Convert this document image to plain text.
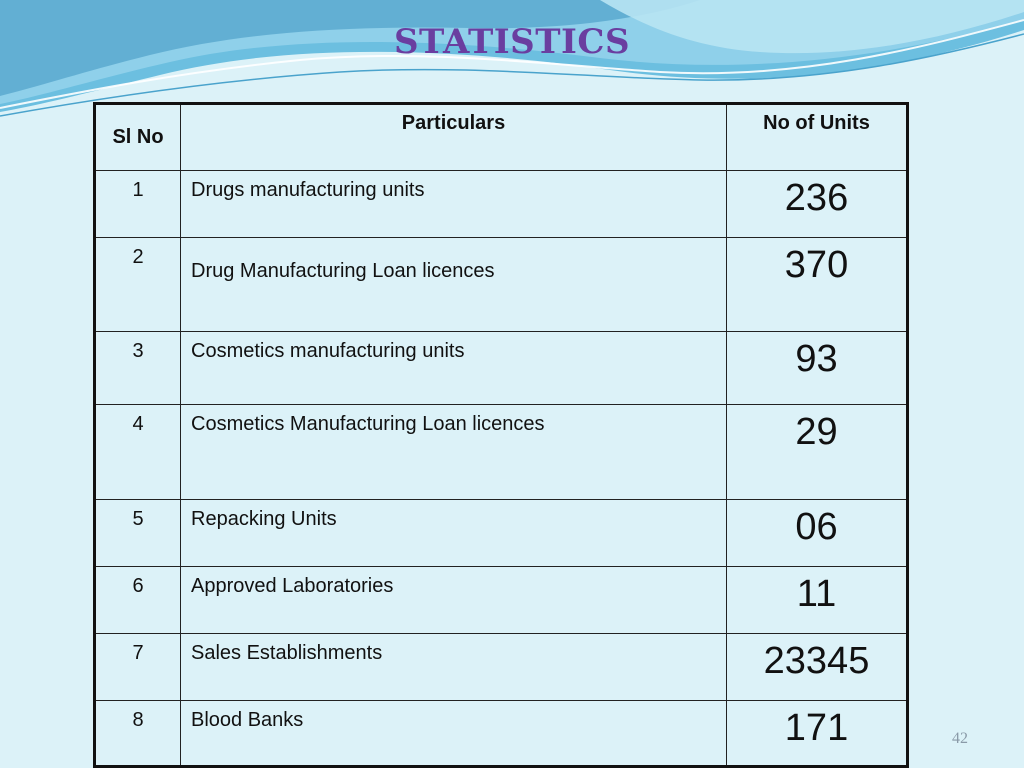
STATISTICS
Sl No	Particulars	No of Units
1	Drugs manufacturing units	236
2	Drug Manufacturing Loan licences	370
3	Cosmetics manufacturing units	93
4	Cosmetics Manufacturing Loan licences	29
5	Repacking Units	06
6	Approved Laboratories	11
7	Sales Establishments	23345
8	Blood Banks	171	42
